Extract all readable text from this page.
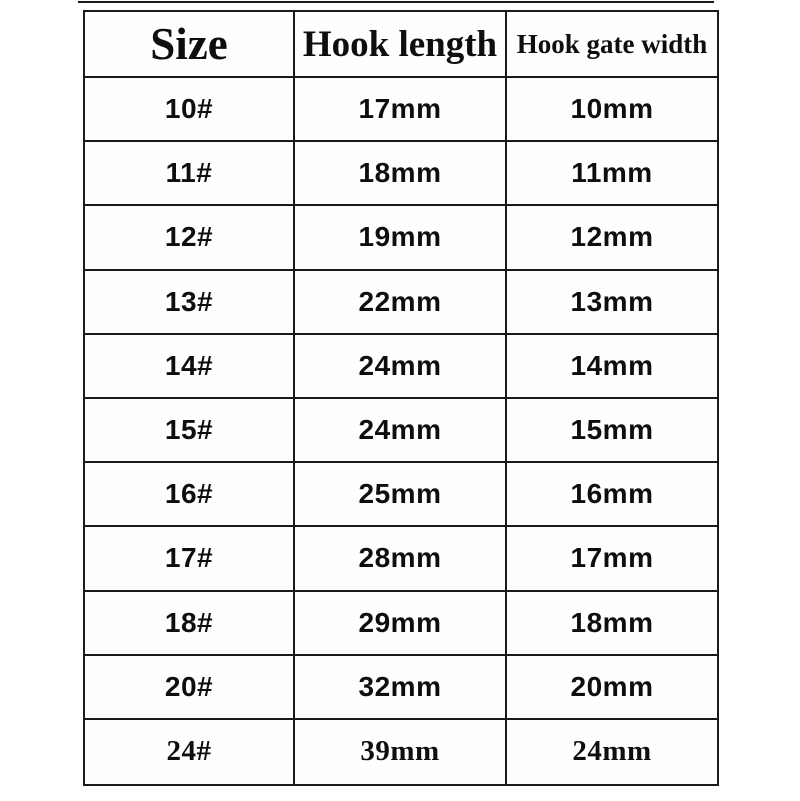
Size	Hook length	Hook gate width
10#	17mm	10mm
11#	18mm	11mm
12#	19mm	12mm
13#	22mm	13mm
14#	24mm	14mm
15#	24mm	15mm
16#	25mm	16mm
17#	28mm	17mm
18#	29mm	18mm
20#	32mm	20mm
24#	39mm	24mm
